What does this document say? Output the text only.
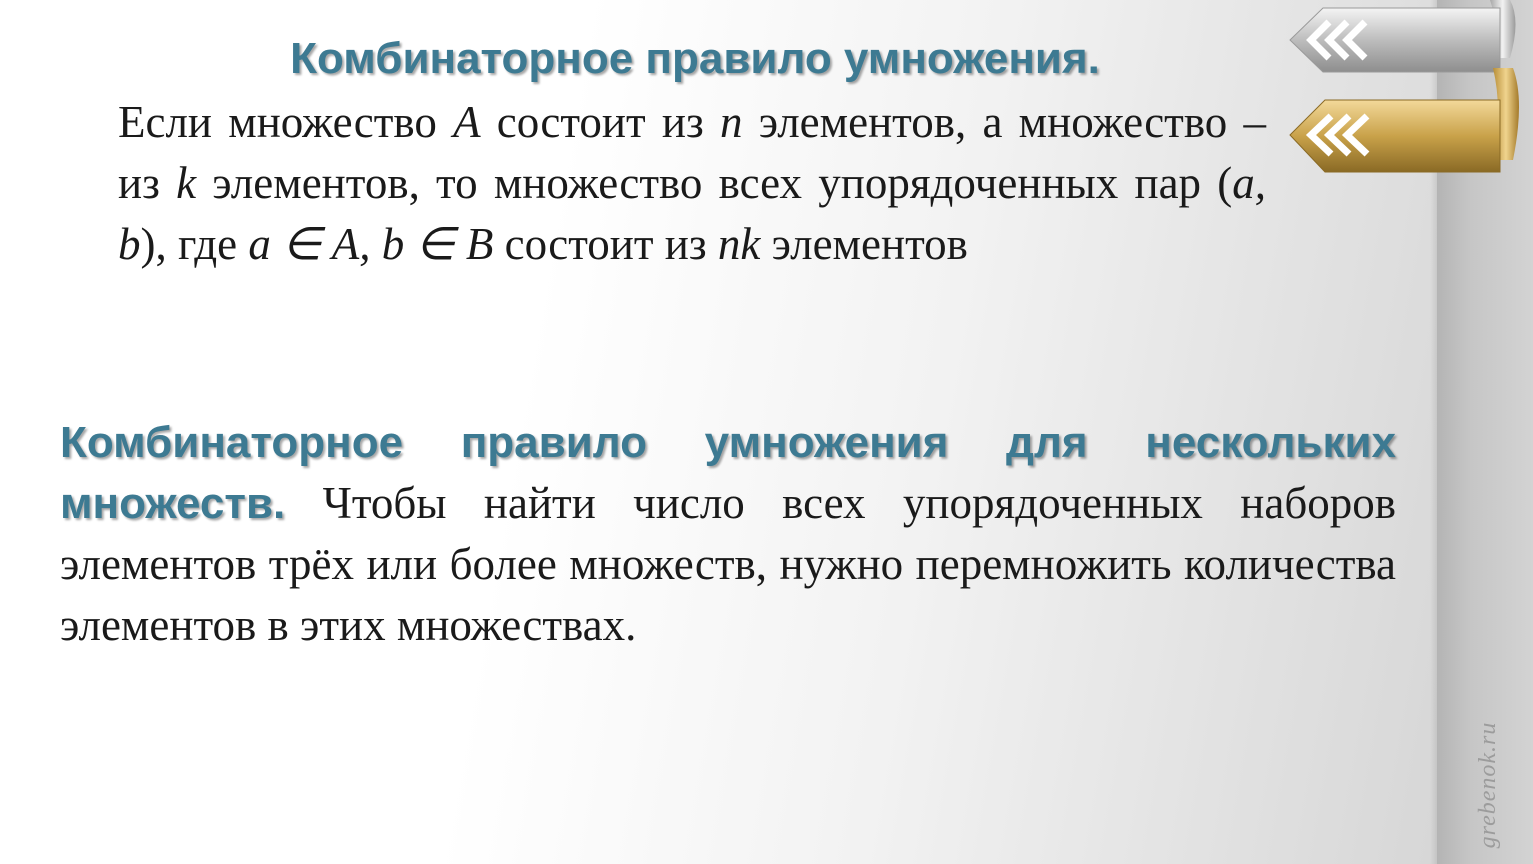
grebenok.ru
Комбинаторное правило умножения.
Если множество A состоит из n элементов, а множество – из k элементов, то множество всех упорядоченных пар (a, b), где a ∈ A, b ∈ B состоит из nk элементов
Комбинаторное правило умножения для нескольких множеств. Чтобы найти число всех упорядоченных наборов элементов трёх или более множеств, нужно перемножить количества элементов в этих множествах.
